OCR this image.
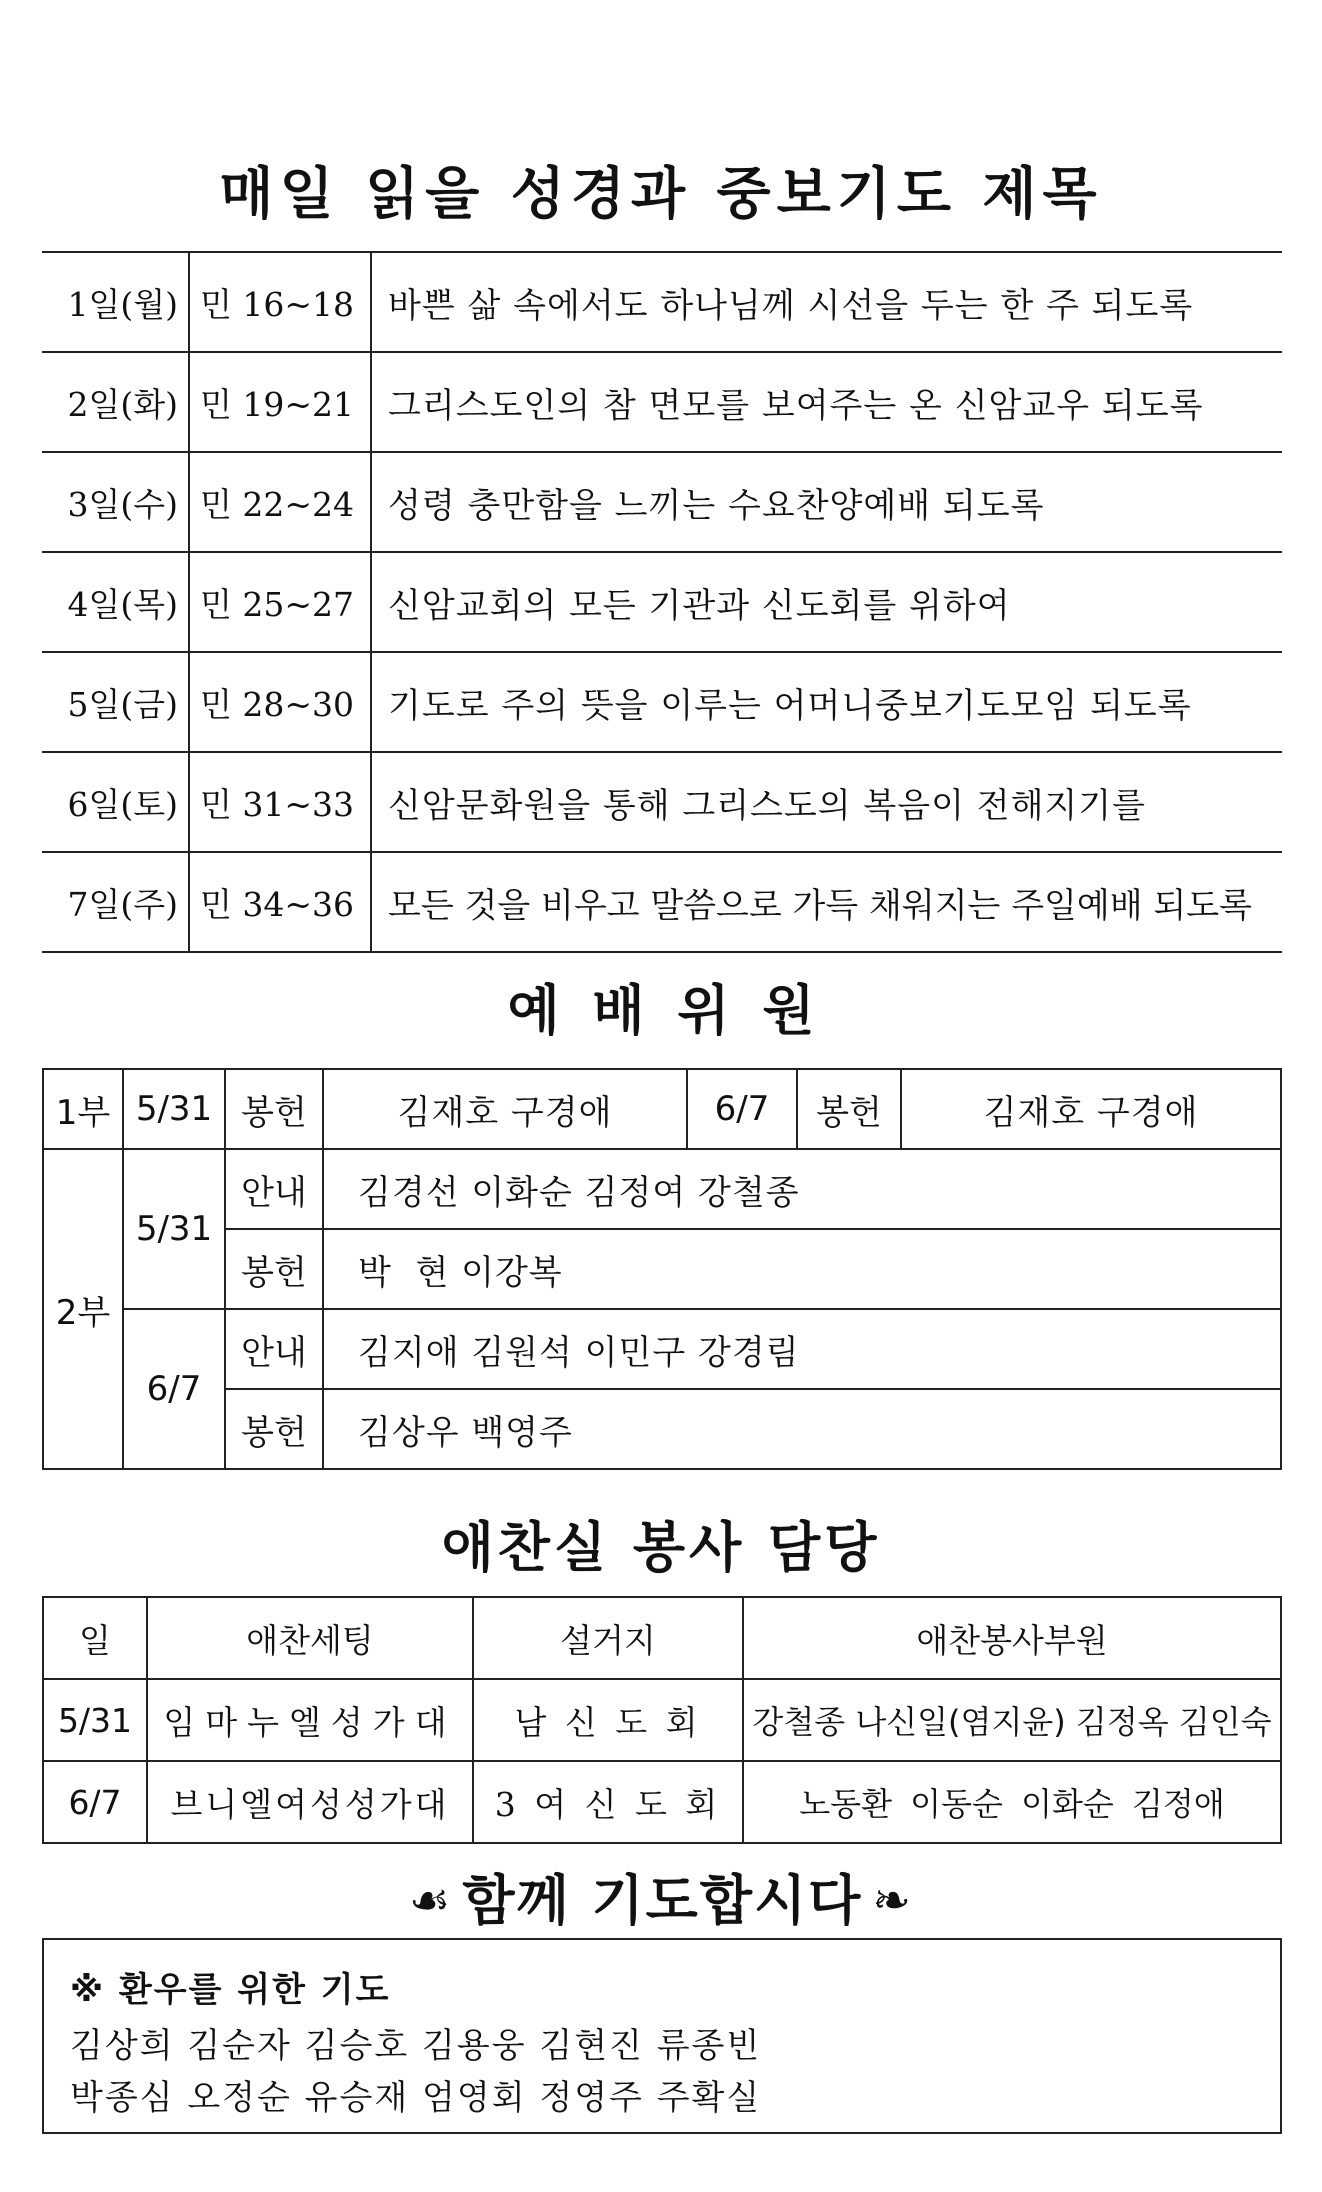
매일 읽을 성경과 중보기도 제목
1일(월)	민 16~18	바쁜 삶 속에서도 하나님께 시선을 두는 한 주 되도록
2일(화)	민 19~21	그리스도인의 참 면모를 보여주는 온 신암교우 되도록
3일(수)	민 22~24	성령 충만함을 느끼는 수요찬양예배 되도록
4일(목)	민 25~27	신암교회의 모든 기관과 신도회를 위하여
5일(금)	민 28~30	기도로 주의 뜻을 이루는 어머니중보기도모임 되도록
6일(토)	민 31~33	신암문화원을 통해 그리스도의 복음이 전해지기를
7일(주)	민 34~36	모든 것을 비우고 말씀으로 가득 채워지는 주일예배 되도록
예 배 위 원
1부	5/31	봉헌	김재호 구경애	6/7	봉헌	김재호 구경애
2부	5/31	안내	김경선 이화순 김정여 강철종			
		봉헌	박  현 이강복			
	6/7	안내	김지애 김원석 이민구 강경림			
		봉헌	김상우 백영주			
애찬실 봉사 담당
일	애찬세팅	설거지	애찬봉사부원
5/31	임마누엘성가대	남 신 도 회	강철종 나신일(염지윤) 김정옥 김인숙
6/7	브니엘여성성가대	3 여 신 도 회	노동환 이동순 이화순 김정애
☙ 함께 기도합시다 ❧
※ 환우를 위한 기도
김상희 김순자 김승호 김용웅 김현진 류종빈
박종심 오정순 유승재 엄영회 정영주 주확실
